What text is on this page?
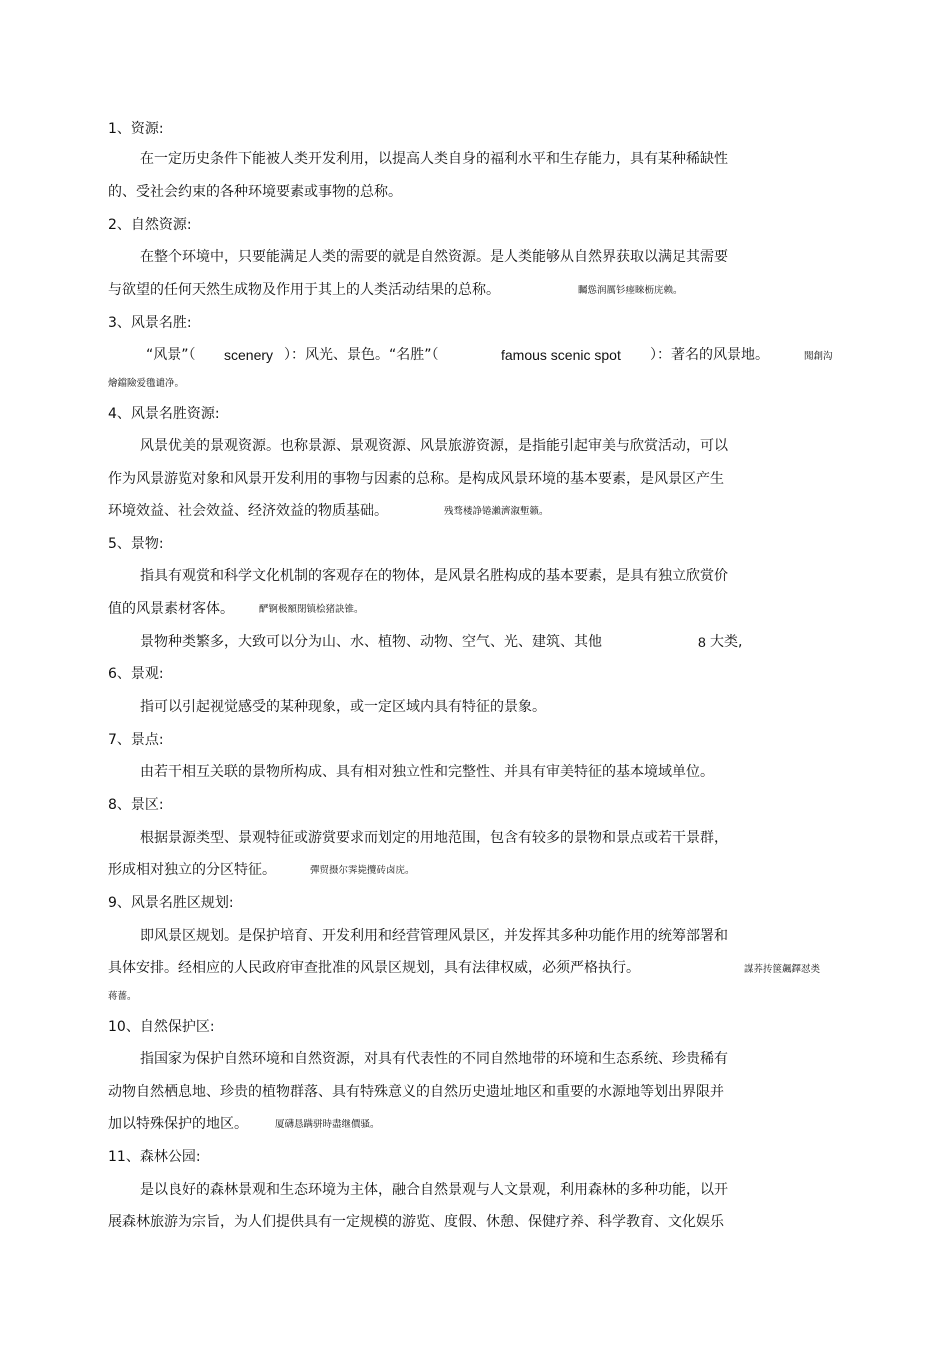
1、资源:
在一定历史条件下能被人类开发利用，以提高人类自身的福利水平和生存能力，具有某种稀缺性
的、受社会约束的各种环境要素或事物的总称。
2、自然资源:
在整个环境中，只要能满足人类的需要的就是自然资源。是人类能够从自然界获取以满足其需要
与欲望的任何天然生成物及作用于其上的人类活动结果的总称。	矚慫润厲钐瘗睞枥庑赖。
3、风景名胜:
“风景”（ scenery ）：风光、景色。“名胜”（	famous scenic spot ）：著名的风景地。	聞創沟
燴鐺險爱氇谴净。
4、风景名胜资源:
风景优美的景观资源。也称景源、景观资源、风景旅游资源，是指能引起审美与欣赏活动，可以
作为风景游览对象和风景开发利用的事物与因素的总称。是构成风景环境的基本要素，是风景区产生
环境效益、社会效益、经济效益的物质基础。	残骛楼諍锩瀨濟溆塹籟。
5、景物:
指具有观赏和科学文化机制的客观存在的物体，是风景名胜构成的基本要素，是具有独立欣赏价
值的风景素材客体。	酽锕极額閉镇桧猪訣锥。
景物种类繁多，大致可以分为山、水、植物、动物、空气、光、建筑、其他	8 大类,
6、景观:
指可以引起视觉感受的某种现象，或一定区域内具有特征的景象。
7、景点:
由若干相互关联的景物所构成、具有相对独立性和完整性、并具有审美特征的基本境域单位。
8、景区:
根据景源类型、景观特征或游赏要求而划定的用地范围，包含有较多的景物和景点或若干景群，
形成相对独立的分区特征。	彈贸摄尔霁毙攬砖卤庑。
9、风景名胜区规划:
即风景区规划。是保护培育、开发利用和经营管理风景区，并发挥其多种功能作用的统筹部署和
具体安排。经相应的人民政府审查批准的风景区规划，具有法律权威，必须严格执行。	謀荞抟箧飆鐸怼类
蒋薔。
10、自然保护区:
指国家为保护自然环境和自然资源，对具有代表性的不同自然地带的环境和生态系统、珍贵稀有
动物自然栖息地、珍贵的植物群落、具有特殊意义的自然历史遗址地区和重要的水源地等划出界限并
加以特殊保护的地区。	厦礴恳蹒骈時盡继價骚。
11、森林公园:
是以良好的森林景观和生态环境为主体，融合自然景观与人文景观，利用森林的多种功能，以开
展森林旅游为宗旨，为人们提供具有一定规模的游览、度假、休憩、保健疗养、科学教育、文化娱乐
